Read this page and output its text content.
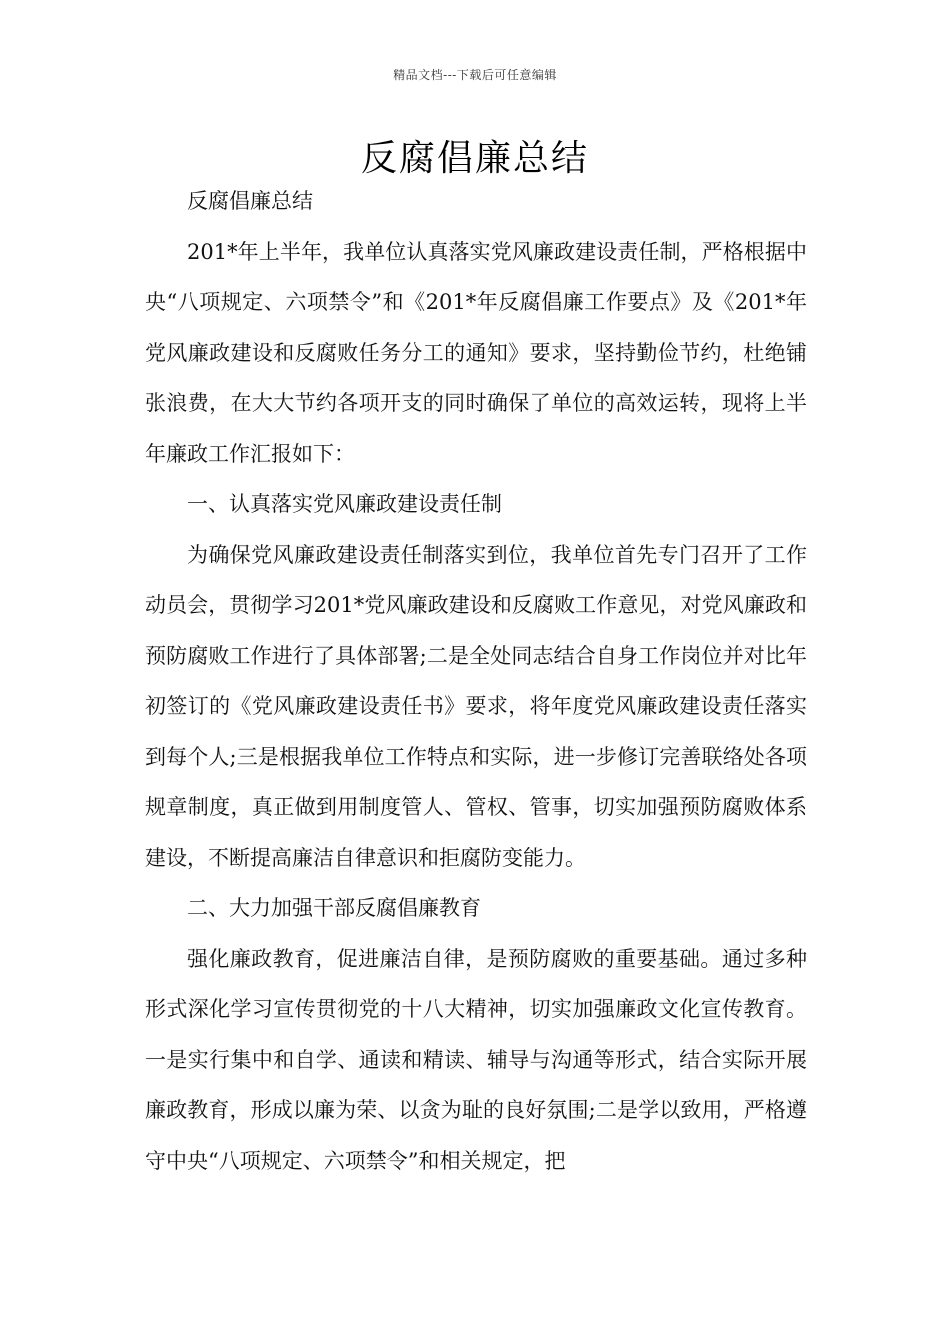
精品文档---下载后可任意编辑
反腐倡廉总结

反腐倡廉总结

201*年上半年，我单位认真落实党风廉政建设责任制，严格根据中央“八项规定、六项禁令”和《201*年反腐倡廉工作要点》及《201*年党风廉政建设和反腐败任务分工的通知》要求，坚持勤俭节约，杜绝铺张浪费，在大大节约各项开支的同时确保了单位的高效运转，现将上半年廉政工作汇报如下：

一、认真落实党风廉政建设责任制

为确保党风廉政建设责任制落实到位，我单位首先专门召开了工作动员会，贯彻学习201*党风廉政建设和反腐败工作意见，对党风廉政和预防腐败工作进行了具体部署;二是全处同志结合自身工作岗位并对比年初签订的《党风廉政建设责任书》要求，将年度党风廉政建设责任落实到每个人;三是根据我单位工作特点和实际，进一步修订完善联络处各项规章制度，真正做到用制度管人、管权、管事，切实加强预防腐败体系建设，不断提高廉洁自律意识和拒腐防变能力。

二、大力加强干部反腐倡廉教育

强化廉政教育，促进廉洁自律，是预防腐败的重要基础。通过多种形式深化学习宣传贯彻党的十八大精神，切实加强廉政文化宣传教育。一是实行集中和自学、通读和精读、辅导与沟通等形式，结合实际开展廉政教育，形成以廉为荣、以贪为耻的良好氛围;二是学以致用，严格遵守中央“八项规定、六项禁令”和相关规定，把
